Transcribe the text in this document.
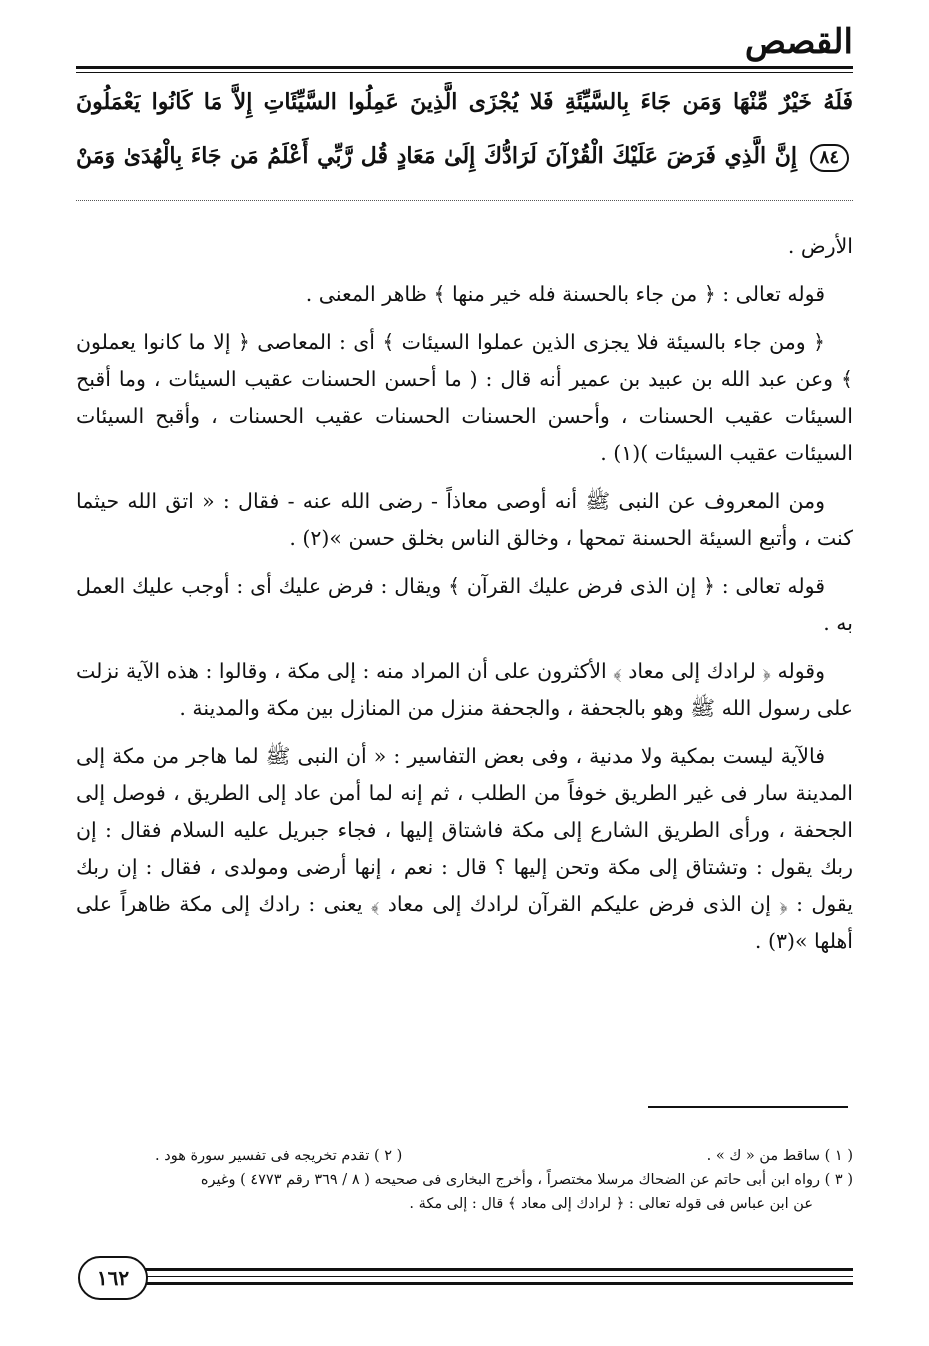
القصص
فَلَهُ خَيْرٌ مِّنْهَا وَمَن جَاءَ بِالسَّيِّئَةِ فَلا يُجْزَى الَّذِينَ عَمِلُوا السَّيِّئَاتِ إِلاَّ مَا كَانُوا يَعْمَلُونَ
٨٤ إِنَّ الَّذِي فَرَضَ عَلَيْكَ الْقُرْآنَ لَرَادُّكَ إِلَىٰ مَعَادٍ قُل رَّبِّي أَعْلَمُ مَن جَاءَ بِالْهُدَىٰ وَمَنْ

الأرض .

قوله تعالى : ﴿ من جاء بالحسنة فله خير منها ﴾ ظاهر المعنى .

﴿ ومن جاء بالسيئة فلا يجزى الذين عملوا السيئات ﴾ أى : المعاصى ﴿ إلا ما كانوا يعملون ﴾ وعن عبد الله بن عبيد بن عمير أنه قال : ( ما أحسن الحسنات عقيب السيئات ، وما أقبح السيئات عقيب الحسنات ، وأحسن الحسنات الحسنات عقيب الحسنات ، وأقبح السيئات السيئات عقيب السيئات )(١) .

ومن المعروف عن النبى ﷺ أنه أوصى معاذاً - رضى الله عنه - فقال : « اتق الله حيثما كنت ، وأتبع السيئة الحسنة تمحها ، وخالق الناس بخلق حسن »(٢) .

قوله تعالى : ﴿ إن الذى فرض عليك القرآن ﴾ ويقال : فرض عليك أى : أوجب عليك العمل به .

وقوله ﴿ لرادك إلى معاد ﴾ الأكثرون على أن المراد منه : إلى مكة ، وقالوا : هذه الآية نزلت على رسول الله ﷺ وهو بالجحفة ، والجحفة منزل من المنازل بين مكة والمدينة .

فالآية ليست بمكية ولا مدنية ، وفى بعض التفاسير : « أن النبى ﷺ لما هاجر من مكة إلى المدينة سار فى غير الطريق خوفاً من الطلب ، ثم إنه لما أمن عاد إلى الطريق ، فوصل إلى الجحفة ، ورأى الطريق الشارع إلى مكة فاشتاق إليها ، فجاء جبريل عليه السلام فقال : إن ربك يقول : وتشتاق إلى مكة وتحن إليها ؟ قال : نعم ، إنها أرضى ومولدى ، فقال : إن ربك يقول : ﴿ إن الذى فرض عليكم القرآن لرادك إلى معاد ﴾ يعنى : رادك إلى مكة ظاهراً على أهلها »(٣) .

( ١ ) ساقط من « ك » .
( ٢ ) تقدم تخريجه فى تفسير سورة هود .
( ٣ ) رواه ابن أبى حاتم عن الضحاك مرسلا مختصراً ، وأخرج البخارى فى صحيحه ( ٨ / ٣٦٩ رقم ٤٧٧٣ ) وغيره
عن ابن عباس فى قوله تعالى : ﴿ لرادك إلى معاد ﴾ قال : إلى مكة .
١٦٢
